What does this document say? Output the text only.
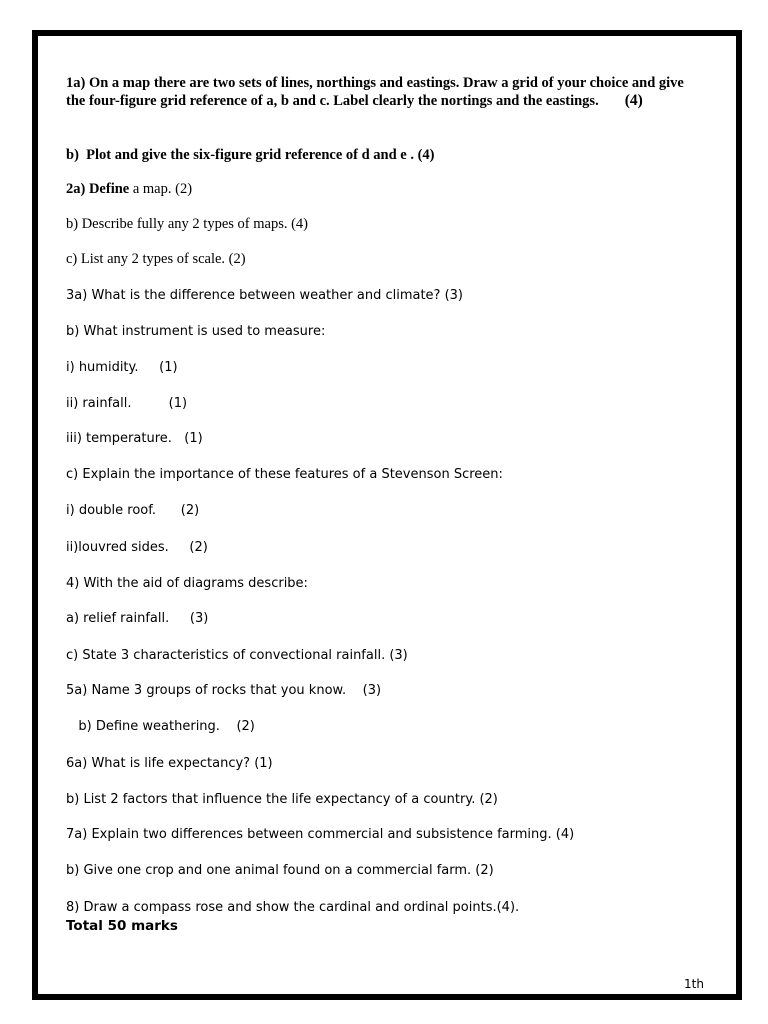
1a) On a map there are two sets of lines, northings and eastings. Draw a grid of your choice and give the four-figure grid reference of a, b and c. Label clearly the nortings and the eastings. (4)

b)  Plot and give the six-figure grid reference of d and e . (4)

2a) Define a map. (2)

b) Describe fully any 2 types of maps. (4)

c) List any 2 types of scale. (2)

3a) What is the difference between weather and climate? (3)

b) What instrument is used to measure:

i) humidity.     (1)

ii) rainfall.         (1)

iii) temperature.   (1)

c) Explain the importance of these features of a Stevenson Screen:

i) double roof.      (2)

ii)louvred sides.     (2)

4) With the aid of diagrams describe:

a) relief rainfall.     (3)

c) State 3 characteristics of convectional rainfall. (3)

5a) Name 3 groups of rocks that you know.    (3)

b) Define weathering.    (2)

6a) What is life expectancy? (1)

b) List 2 factors that influence the life expectancy of a country. (2)

7a) Explain two differences between commercial and subsistence farming. (4)

b) Give one crop and one animal found on a commercial farm. (2)

8) Draw a compass rose and show the cardinal and ordinal points.(4).

Total 50 marks

1th
